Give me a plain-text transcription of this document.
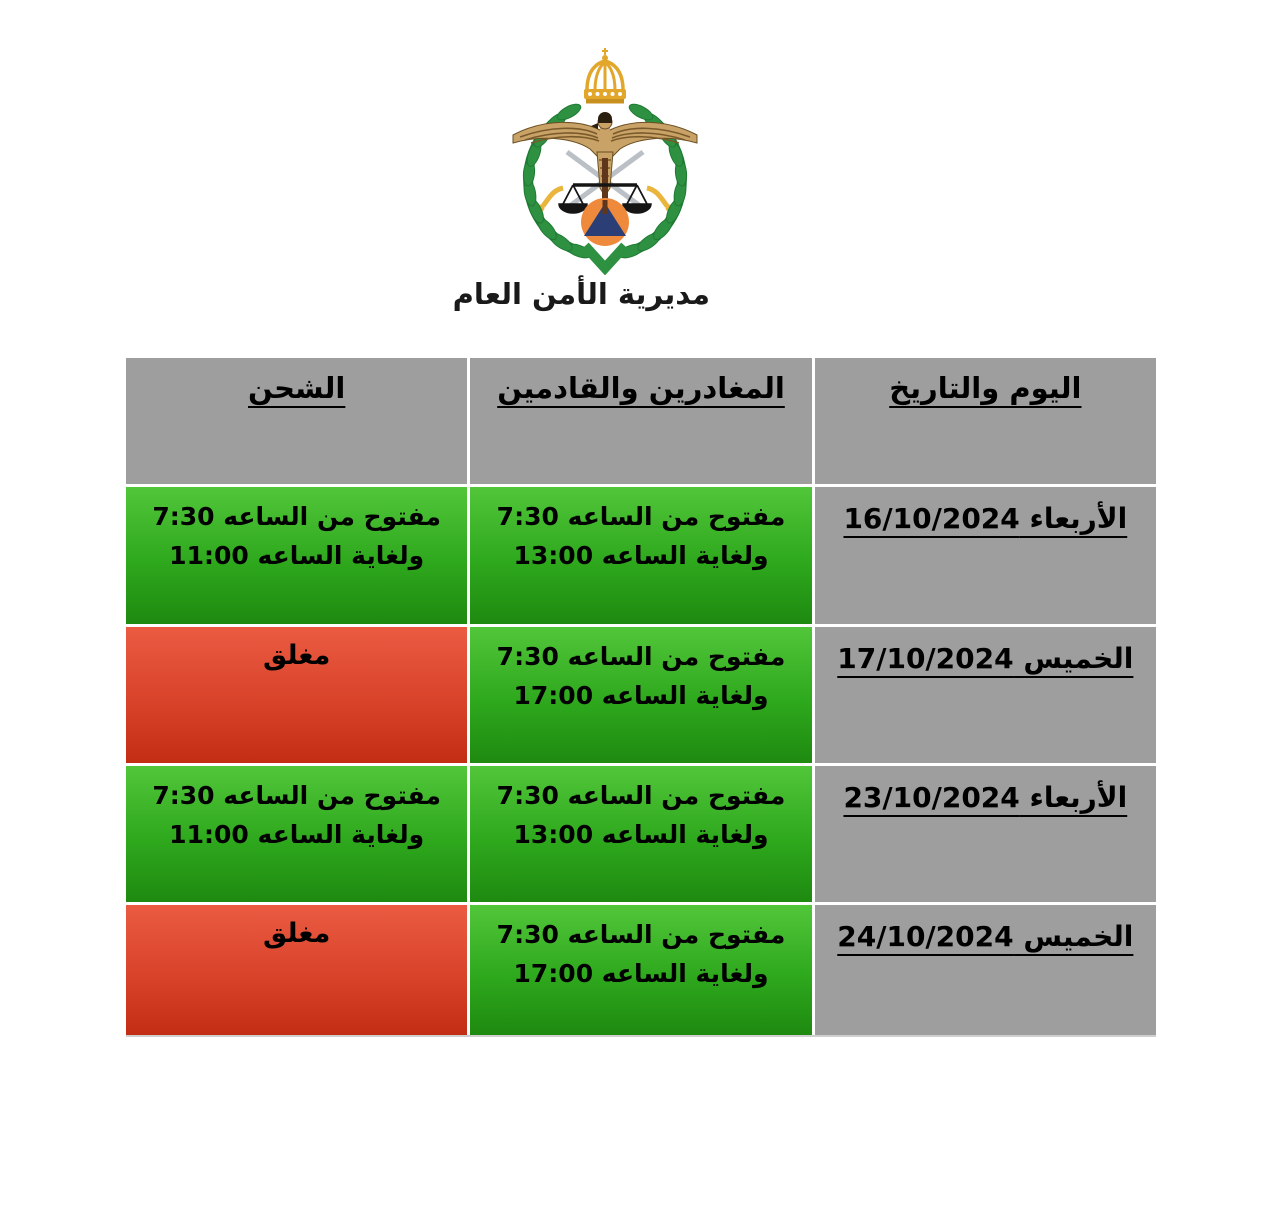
مديرية الأمن العام
اليوم والتاريخ
المغادرين والقادمين
الشحن
الأربعاء 16/10/2024
مفتوح من الساعه 7:30 ولغاية الساعه 13:00
مفتوح من الساعه 7:30 ولغاية الساعه 11:00
الخميس 17/10/2024
مفتوح من الساعه 7:30 ولغاية الساعه 17:00
مغلق
الأربعاء 23/10/2024
مفتوح من الساعه 7:30 ولغاية الساعه 13:00
مفتوح من الساعه 7:30 ولغاية الساعه 11:00
الخميس 24/10/2024
مفتوح من الساعه 7:30 ولغاية الساعه 17:00
مغلق
